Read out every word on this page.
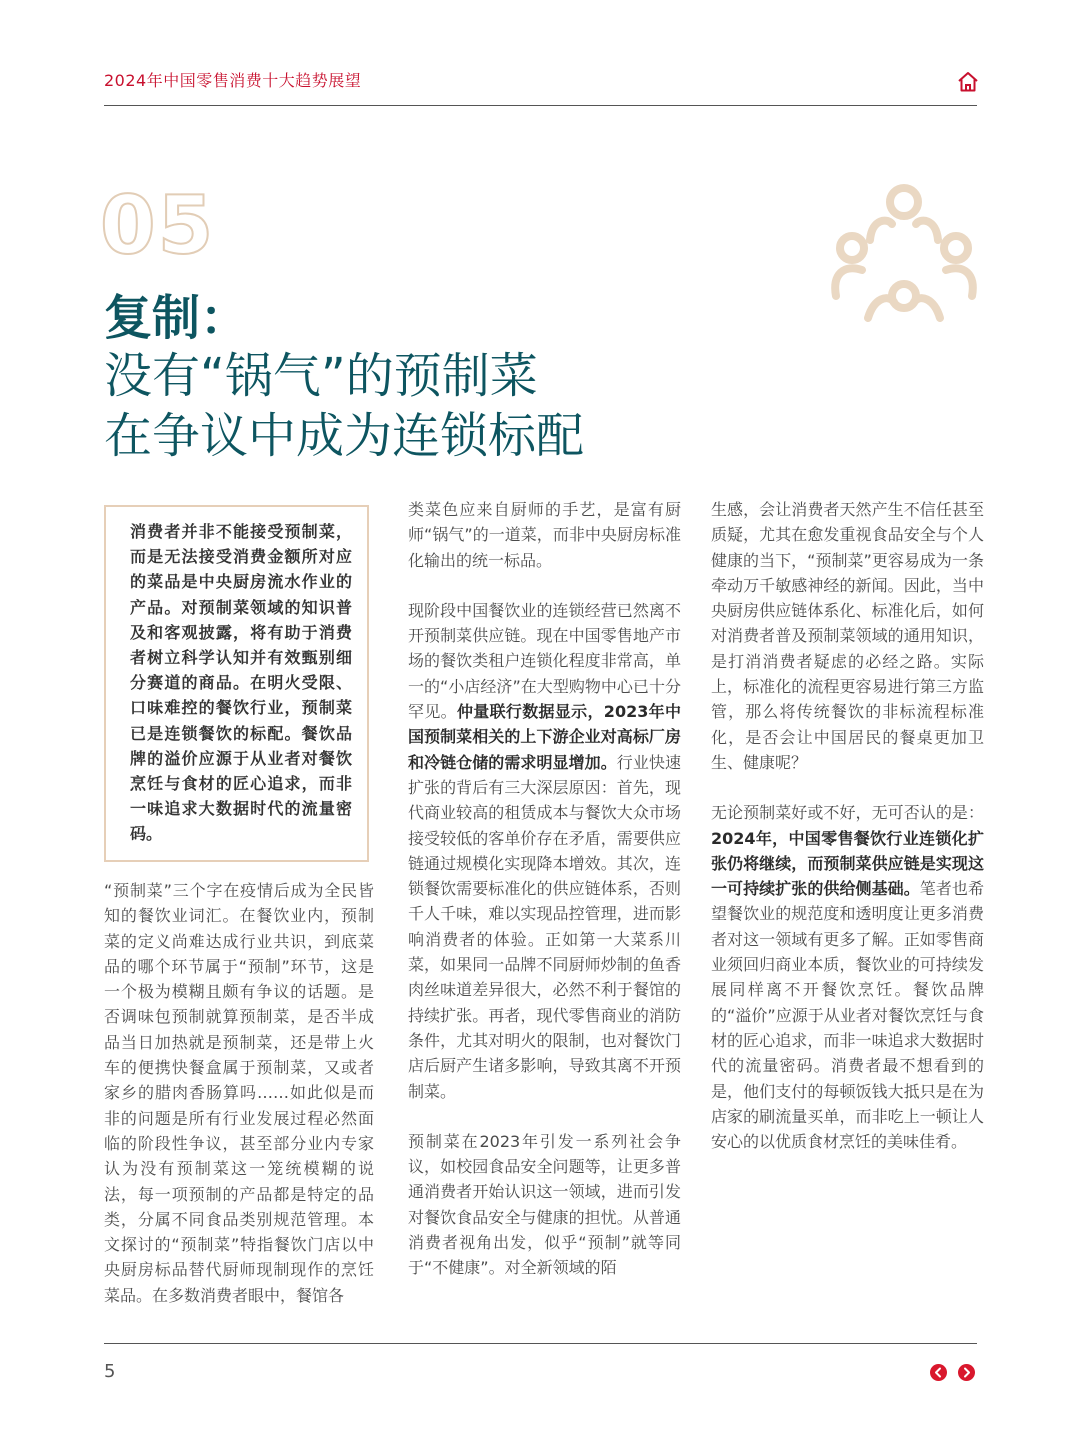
2024年中国零售消费十大趋势展望
05
复制：
没有“锅气”的预制菜
在争议中成为连锁标配
消费者并非不能接受预制菜，而是无法接受消费金额所对应的菜品是中央厨房流水作业的产品。对预制菜领域的知识普及和客观披露，将有助于消费者树立科学认知并有效甄别细分赛道的商品。在明火受限、口味难控的餐饮行业，预制菜已是连锁餐饮的标配。餐饮品牌的溢价应源于从业者对餐饮烹饪与食材的匠心追求，而非一味追求大数据时代的流量密码。

“预制菜”三个字在疫情后成为全民皆知的餐饮业词汇。在餐饮业内，预制菜的定义尚难达成行业共识，到底菜品的哪个环节属于“预制”环节，这是一个极为模糊且颇有争议的话题。是否调味包预制就算预制菜，是否半成品当日加热就是预制菜，还是带上火车的便携快餐盒属于预制菜，又或者家乡的腊肉香肠算吗……如此似是而非的问题是所有行业发展过程必然面临的阶段性争议，甚至部分业内专家认为没有预制菜这一笼统模糊的说法，每一项预制的产品都是特定的品类，分属不同食品类别规范管理。本文探讨的“预制菜”特指餐饮门店以中央厨房标品替代厨师现制现作的烹饪菜品。在多数消费者眼中，餐馆各

类菜色应来自厨师的手艺，是富有厨师“锅气”的一道菜，而非中央厨房标准化输出的统一标品。

现阶段中国餐饮业的连锁经营已然离不开预制菜供应链。现在中国零售地产市场的餐饮类租户连锁化程度非常高，单一的“小店经济”在大型购物中心已十分罕见。仲量联行数据显示，2023年中国预制菜相关的上下游企业对高标厂房和冷链仓储的需求明显增加。行业快速扩张的背后有三大深层原因：首先，现代商业较高的租赁成本与餐饮大众市场接受较低的客单价存在矛盾，需要供应链通过规模化实现降本增效。其次，连锁餐饮需要标准化的供应链体系，否则千人千味，难以实现品控管理，进而影响消费者的体验。正如第一大菜系川菜，如果同一品牌不同厨师炒制的鱼香肉丝味道差异很大，必然不利于餐馆的持续扩张。再者，现代零售商业的消防条件，尤其对明火的限制，也对餐饮门店后厨产生诸多影响，导致其离不开预制菜。

预制菜在2023年引发一系列社会争议，如校园食品安全问题等，让更多普通消费者开始认识这一领域，进而引发对餐饮食品安全与健康的担忧。从普通消费者视角出发，似乎“预制”就等同于“不健康”。对全新领域的陌

生感，会让消费者天然产生不信任甚至质疑，尤其在愈发重视食品安全与个人健康的当下，“预制菜”更容易成为一条牵动万千敏感神经的新闻。因此，当中央厨房供应链体系化、标准化后，如何对消费者普及预制菜领域的通用知识，是打消消费者疑虑的必经之路。实际上，标准化的流程更容易进行第三方监管，那么将传统餐饮的非标流程标准化，是否会让中国居民的餐桌更加卫生、健康呢？

无论预制菜好或不好，无可否认的是：2024年，中国零售餐饮行业连锁化扩张仍将继续，而预制菜供应链是实现这一可持续扩张的供给侧基础。笔者也希望餐饮业的规范度和透明度让更多消费者对这一领域有更多了解。正如零售商业须回归商业本质，餐饮业的可持续发展同样离不开餐饮烹饪。餐饮品牌的“溢价”应源于从业者对餐饮烹饪与食材的匠心追求，而非一味追求大数据时代的流量密码。消费者最不想看到的是，他们支付的每顿饭钱大抵只是在为店家的刷流量买单，而非吃上一顿让人安心的以优质食材烹饪的美味佳肴。

5
